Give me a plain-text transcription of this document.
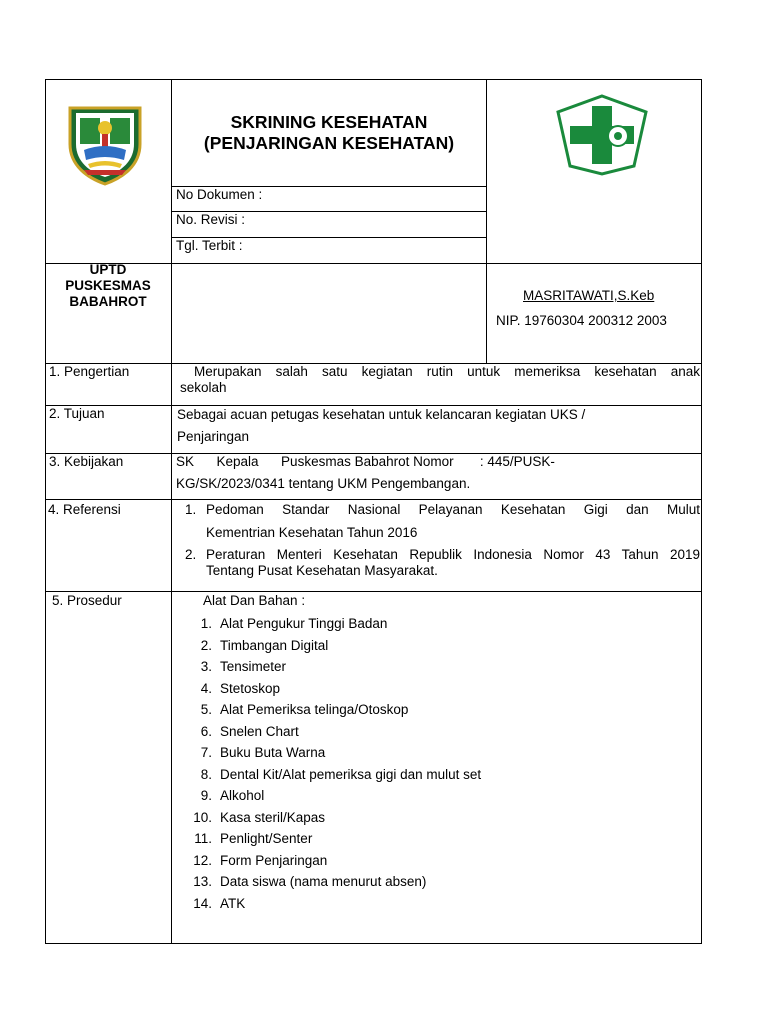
SKRINING KESEHATAN
(PENJARINGAN KESEHATAN)
No Dokumen :
No. Revisi :
Tgl. Terbit :
UPTD
PUSKESMAS
BABAHROT	MASRITAWATI,S.Keb
NIP. 19760304 200312 2003
1. Pengertian	Merupakan salah satu kegiatan rutin untuk memeriksa kesehatan anak
sekolah
2. Tujuan	Sebagai acuan petugas kesehatan untuk kelancaran kegiatan UKS /
Penjaringan
3. Kebijakan	SK      Kepala      Puskesmas Babahrot Nomor       : 445/PUSK-
KG/SK/2023/0341 tentang UKM Pengembangan.
4. Referensi	1. Pedoman Standar Nasional Pelayanan Kesehatan Gigi dan Mulut
Kementrian Kesehatan Tahun 2016
2. Peraturan Menteri Kesehatan Republik Indonesia Nomor 43 Tahun 2019
Tentang Pusat Kesehatan Masyarakat.
5. Prosedur	Alat Dan Bahan :
1. Alat Pengukur Tinggi Badan
2. Timbangan Digital
3. Tensimeter
4. Stetoskop
5. Alat Pemeriksa telinga/Otoskop
6. Snelen Chart
7. Buku Buta Warna
8. Dental Kit/Alat pemeriksa gigi dan mulut set
9. Alkohol
10. Kasa steril/Kapas
11. Penlight/Senter
12. Form Penjaringan
13. Data siswa (nama menurut absen)
14. ATK
